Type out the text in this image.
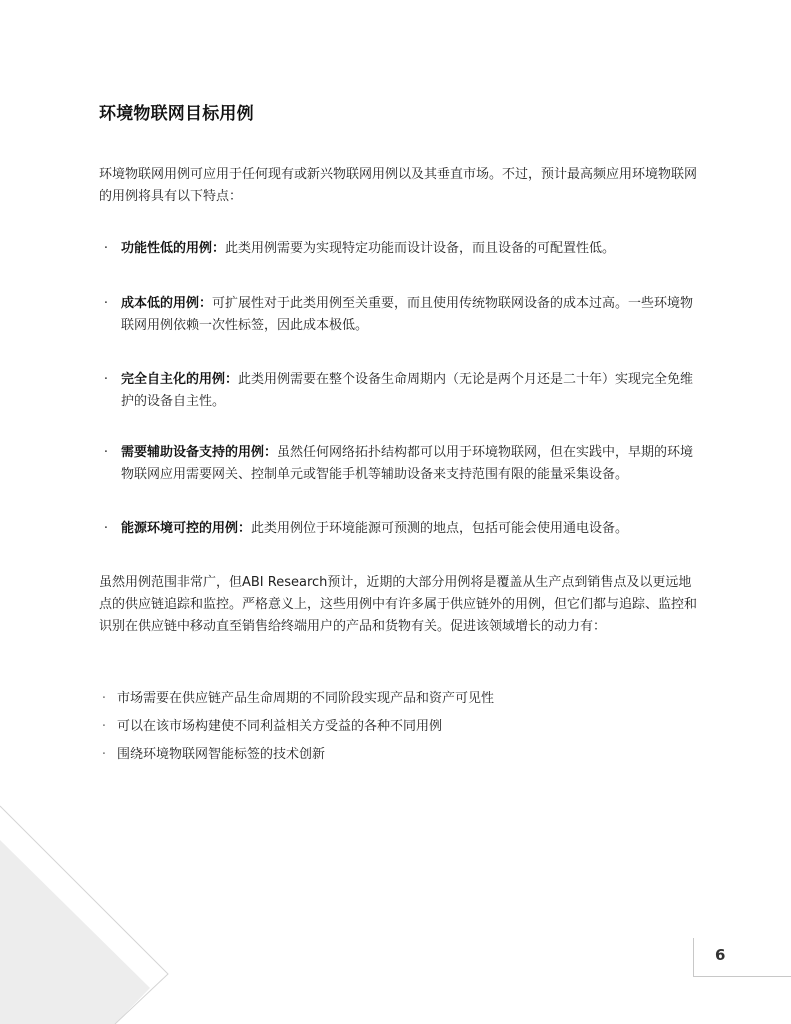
环境物联网目标用例
环境物联网用例可应用于任何现有或新兴物联网用例以及其垂直市场。不过，预计最高频应用环境物联网的用例将具有以下特点：
· 功能性低的用例：此类用例需要为实现特定功能而设计设备，而且设备的可配置性低。
· 成本低的用例：可扩展性对于此类用例至关重要，而且使用传统物联网设备的成本过高。一些环境物联网用例依赖一次性标签，因此成本极低。
· 完全自主化的用例：此类用例需要在整个设备生命周期内（无论是两个月还是二十年）实现完全免维护的设备自主性。
· 需要辅助设备支持的用例：虽然任何网络拓扑结构都可以用于环境物联网，但在实践中，早期的环境物联网应用需要网关、控制单元或智能手机等辅助设备来支持范围有限的能量采集设备。
· 能源环境可控的用例：此类用例位于环境能源可预测的地点，包括可能会使用通电设备。
虽然用例范围非常广，但ABI Research预计，近期的大部分用例将是覆盖从生产点到销售点及以更远地点的供应链追踪和监控。严格意义上，这些用例中有许多属于供应链外的用例，但它们都与追踪、监控和识别在供应链中移动直至销售给终端用户的产品和货物有关。促进该领域增长的动力有：
· 市场需要在供应链产品生命周期的不同阶段实现产品和资产可见性
· 可以在该市场构建使不同利益相关方受益的各种不同用例
· 围绕环境物联网智能标签的技术创新
6
